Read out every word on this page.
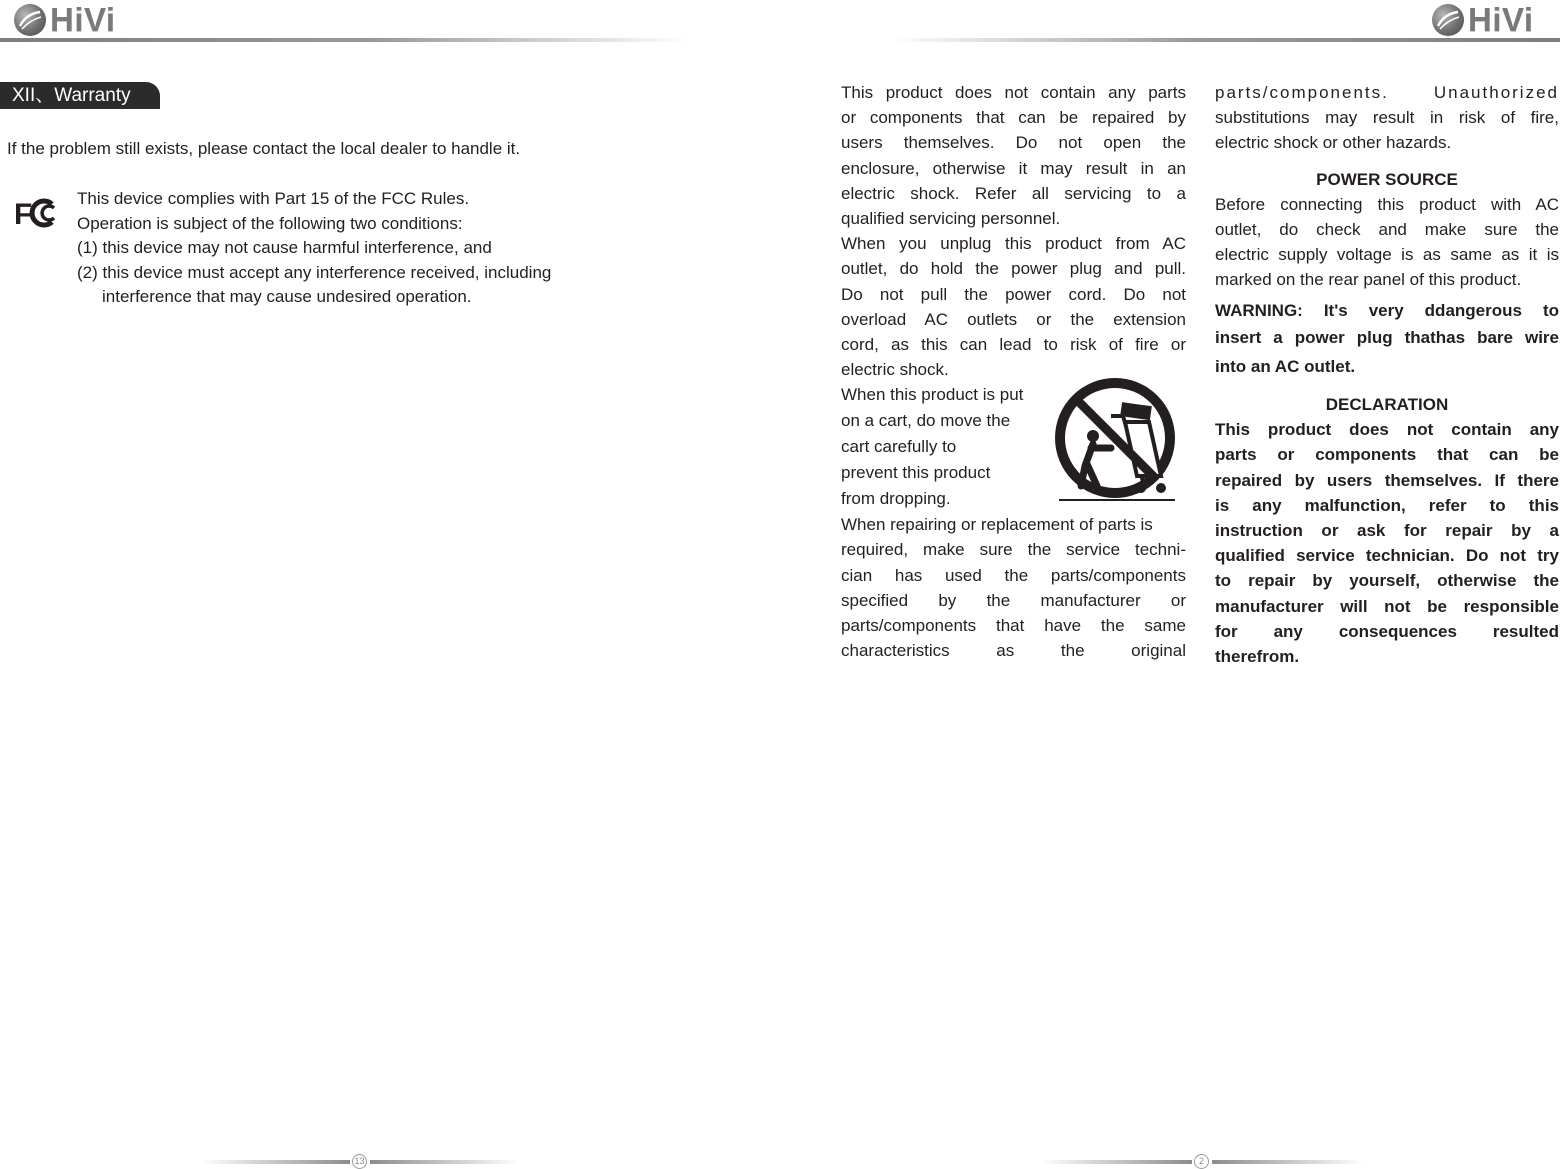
HiVi	HiVi
XII、Warranty
If the problem still exists, please contact the local dealer to handle it.
F	This device complies with Part 15 of the FCC Rules.
Operation is subject of the following two conditions:
(1) this device may not cause harmful interference, and
(2) this device must accept any interference received, including
interference that may cause undesired operation.
This product does not contain any parts
or components that can be repaired by
users themselves. Do not open the
enclosure, otherwise it may result in an
electric shock. Refer all servicing to a
qualified servicing personnel.
When you unplug this product from AC
outlet, do hold the power plug and pull.
Do not pull the power cord. Do not
overload AC outlets or the extension
cord, as this can lead to risk of fire or
electric shock.
When this product is put
on a cart, do move the
cart carefully to
prevent this product
from dropping.
When repairing or replacement of parts is
required, make sure the service techni-
cian has used the parts/components
specified by the manufacturer or
parts/components that have the same
characteristics as the original
parts/components. Unauthorized
substitutions may result in risk of fire,
electric shock or other hazards.
POWER SOURCE
Before connecting this product with AC
outlet, do check and make sure the
electric supply voltage is as same as it is
marked on the rear panel of this product.
WARNING: It's very ddangerous to
insert a power plug thathas bare wire
into an AC outlet.
DECLARATION
This product does not contain any
parts or components that can be
repaired by users themselves. If there
is any malfunction, refer to this
instruction or ask for repair by a
qualified service technician. Do not try
to repair by yourself, otherwise the
manufacturer will not be responsible
for any consequences resulted
therefrom.
13	2
